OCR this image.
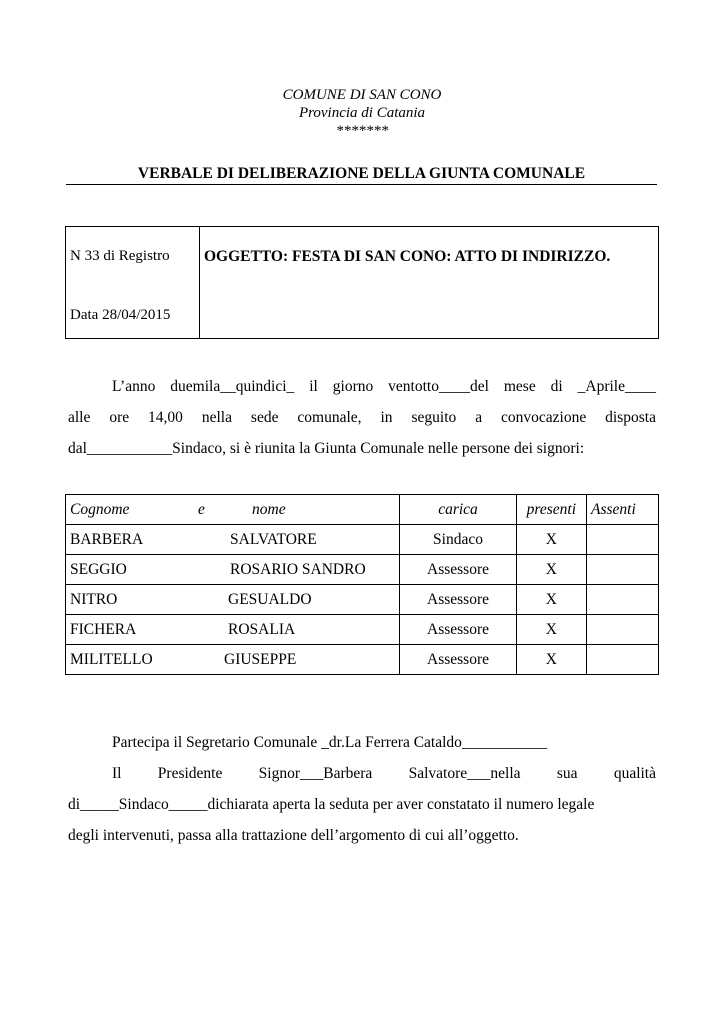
COMUNE DI SAN CONO
Provincia di Catania
*******
VERBALE DI DELIBERAZIONE DELLA GIUNTA COMUNALE
N 33 di Registro
Data 28/04/2015
OGGETTO: FESTA DI SAN CONO: ATTO DI INDIRIZZO.
L’anno duemila__quindici_ il giorno ventotto____del mese di _Aprile____
alle ore 14,00 nella sede comunale, in seguito a convocazione disposta
dal___________Sindaco, si è riunita la Giunta Comunale nelle persone dei signori:
Cognome e nome	carica	presenti	Assenti
BARBERA SALVATORE	Sindaco	X	
SEGGIO ROSARIO SANDRO	Assessore	X	
NITRO GESUALDO	Assessore	X	
FICHERA ROSALIA	Assessore	X	
MILITELLO GIUSEPPE	Assessore	X	
Partecipa il Segretario Comunale _dr.La Ferrera Cataldo___________
Il Presidente Signor___Barbera Salvatore___nella sua qualità
di_____Sindaco_____dichiarata aperta la seduta per aver constatato il numero legale
degli intervenuti, passa alla trattazione dell’argomento di cui all’oggetto.
